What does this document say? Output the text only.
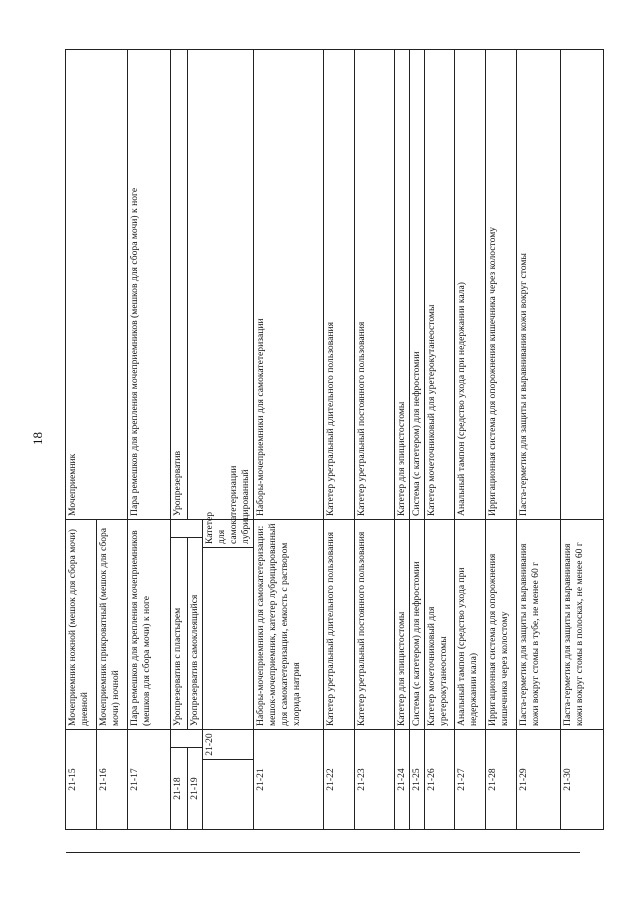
18
21-15			Мочеприемник ножной (мешок для сбора мочи) дневной			Мочеприемник
21-16			Мочеприемник прикроватный (мешок для сбора мочи) ночной			
21-17			Пара ремешков для крепления мочеприемников (мешков для сбора мочи) к ноге			Пара ремешков для крепления мочеприемников (мешков для сбора мочи) к ноге
21-18			Уропрезерватив с пластырем			Уропрезерватив
21-19			Уропрезерватив самоклеящийся			
	21-20			Катетер для самокатетеризации лубрицированный		
21-21			Наборы-мочеприемники для самокатетеризации: мешок-мочеприемник, катетер лубрицированный для самокатетеризации, емкость с раствором хлорида натрия			Наборы-мочеприемники для самокатетеризации
21-22			Катетер уретральный длительного пользования			Катетер уретральный длительного пользования
21-23			Катетер уретральный постоянного пользования			Катетер уретральный постоянного пользования
21-24			Катетер для эпицистостомы			Катетер для эпицистостомы
21-25			Система (с катетером) для нефростомии			Система (с катетером) для нефростомии
21-26			Катетер мочеточниковый для уретерокутанеостомы			Катетер мочеточниковый для уретерокутанеостомы
21-27			Анальный тампон (средство ухода при недержании кала)			Анальный тампон (средство ухода при недержании кала)
21-28			Ирригационная система для опорожнения кишечника через колостому			Ирригационная система для опорожнения кишечника через колостому
21-29			Паста-герметик для защиты и выравнивания кожи вокруг стомы в тубе, не менее 60 г			Паста-герметик для защиты и выравнивания кожи вокруг стомы
21-30			Паста-герметик для защиты и выравнивания кожи вокруг стомы в полосках, не менее 60 г			
